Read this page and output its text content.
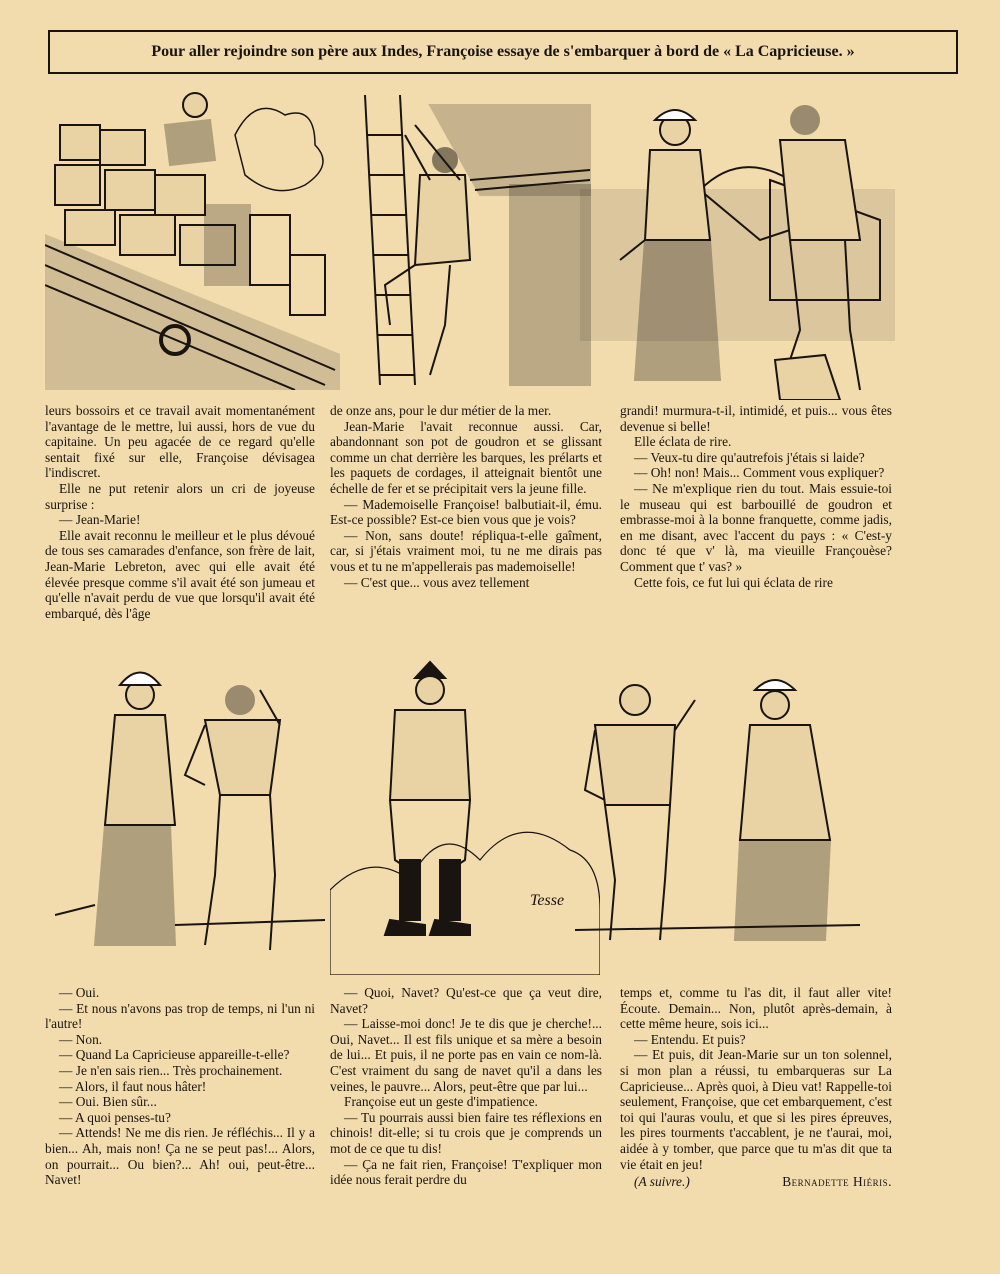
Pour aller rejoindre son père aux Indes, Françoise essaye de s'embarquer à bord de « La Capricieuse. »

leurs bossoirs et ce travail avait momentanément l'avantage de le mettre, lui aussi, hors de vue du capitaine. Un peu agacée de ce regard qu'elle sentait fixé sur elle, Françoise dévisagea l'indiscret.

Elle ne put retenir alors un cri de joyeuse surprise :

— Jean-Marie!

Elle avait reconnu le meilleur et le plus dévoué de tous ses camarades d'enfance, son frère de lait, Jean-Marie Lebreton, avec qui elle avait été élevée presque comme s'il avait été son jumeau et qu'elle n'avait perdu de vue que lorsqu'il avait été embarqué, dès l'âge

de onze ans, pour le dur métier de la mer.

Jean-Marie l'avait reconnue aussi. Car, abandonnant son pot de goudron et se glissant comme un chat derrière les barques, les prélarts et les paquets de cordages, il atteignait bientôt une échelle de fer et se précipitait vers la jeune fille.

— Mademoiselle Françoise! balbutiait-il, ému. Est-ce possible? Est-ce bien vous que je vois?

— Non, sans doute! répliqua-t-elle gaîment, car, si j'étais vraiment moi, tu ne me dirais pas vous et tu ne m'appellerais pas mademoiselle!

— C'est que... vous avez tellement

grandi! murmura-t-il, intimidé, et puis... vous êtes devenue si belle!

Elle éclata de rire.

— Veux-tu dire qu'autrefois j'étais si laide?

— Oh! non! Mais... Comment vous expliquer?

— Ne m'explique rien du tout. Mais essuie-toi le museau qui est barbouillé de goudron et embrasse-moi à la bonne franquette, comme jadis, en me disant, avec l'accent du pays : « C'est-y donc té que v' là, ma vieuille Françouèse? Comment que t' vas? »

Cette fois, ce fut lui qui éclata de rire

Tesse

— Oui.

— Et nous n'avons pas trop de temps, ni l'un ni l'autre!

— Non.

— Quand La Capricieuse appareille-t-elle?

— Je n'en sais rien... Très prochainement.

— Alors, il faut nous hâter!

— Oui. Bien sûr...

— A quoi penses-tu?

— Attends! Ne me dis rien. Je réfléchis... Il y a bien... Ah, mais non! Ça ne se peut pas!... Alors, on pourrait... Ou bien?... Ah! oui, peut-être... Navet!

— Quoi, Navet? Qu'est-ce que ça veut dire, Navet?

— Laisse-moi donc! Je te dis que je cherche!... Oui, Navet... Il est fils unique et sa mère a besoin de lui... Et puis, il ne porte pas en vain ce nom-là. C'est vraiment du sang de navet qu'il a dans les veines, le pauvre... Alors, peut-être que par lui...

Françoise eut un geste d'impatience.

— Tu pourrais aussi bien faire tes réflexions en chinois! dit-elle; si tu crois que je comprends un mot de ce que tu dis!

— Ça ne fait rien, Françoise! T'expliquer mon idée nous ferait perdre du

temps et, comme tu l'as dit, il faut aller vite! Écoute. Demain... Non, plutôt après-demain, à cette même heure, sois ici...

— Entendu. Et puis?

— Et puis, dit Jean-Marie sur un ton solennel, si mon plan a réussi, tu embarqueras sur La Capricieuse... Après quoi, à Dieu vat! Rappelle-toi seulement, Françoise, que cet embarquement, c'est toi qui l'auras voulu, et que si les pires épreuves, les pires tourments t'accablent, je ne t'aurai, moi, aidée à y tomber, que parce que tu m'as dit que ta vie était en jeu!

(A suivre.)	Bernadette Hiéris.
